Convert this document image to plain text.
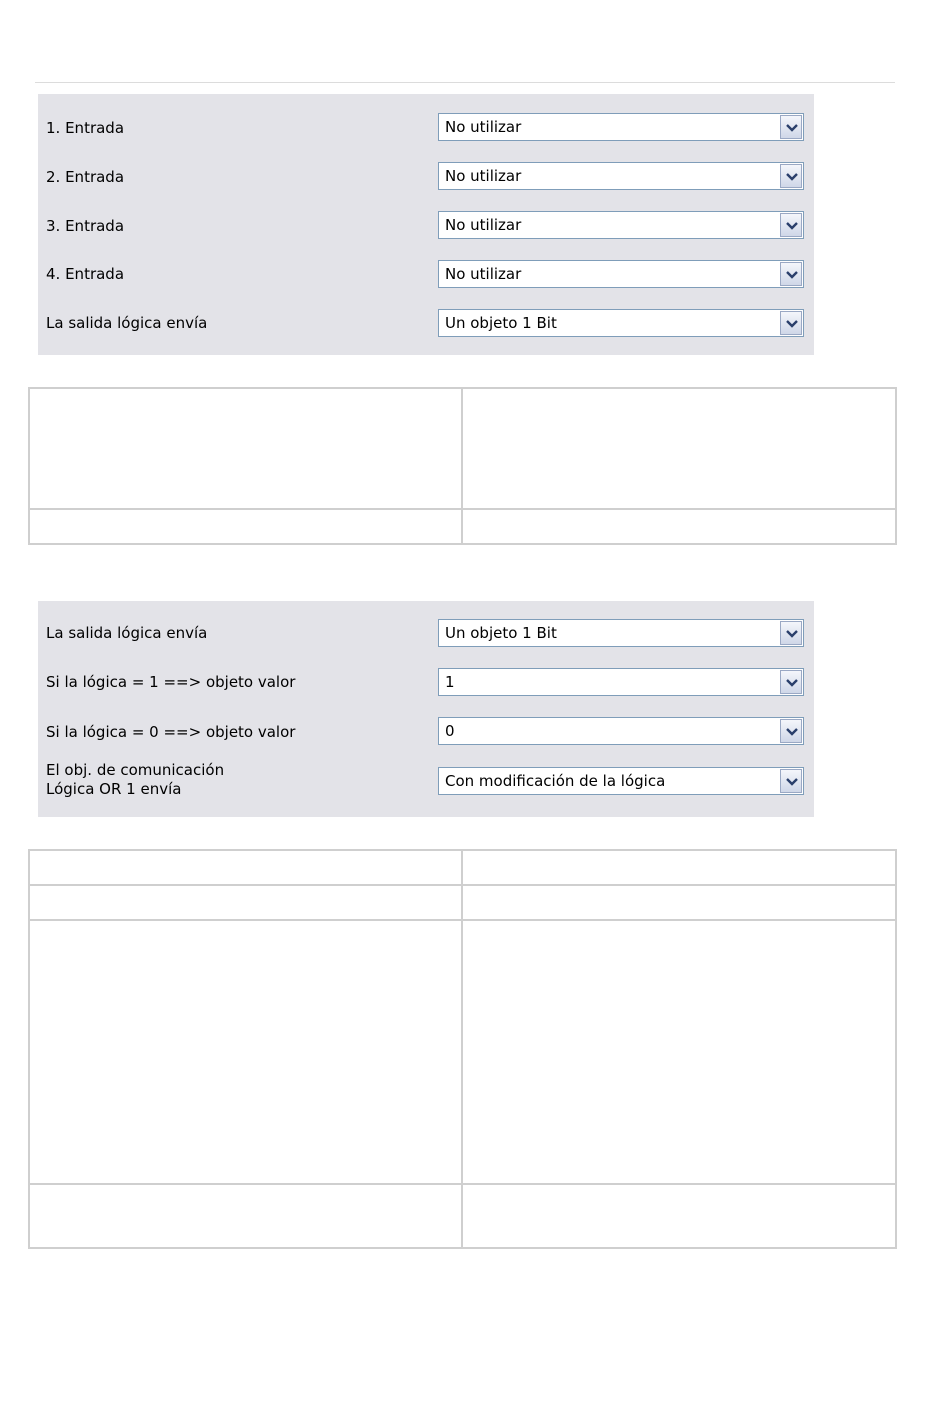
1. Entrada	No utilizar
2. Entrada	No utilizar
3. Entrada	No utilizar
4. Entrada	No utilizar
La salida lógica envía	Un objeto 1 Bit

La salida lógica envía	Un objeto 1 Bit
Si la lógica = 1 ==> objeto valor	1
Si la lógica = 0 ==> objeto valor	0
El obj. de comunicación
Lógica OR 1 envía	Con modificación de la lógica
